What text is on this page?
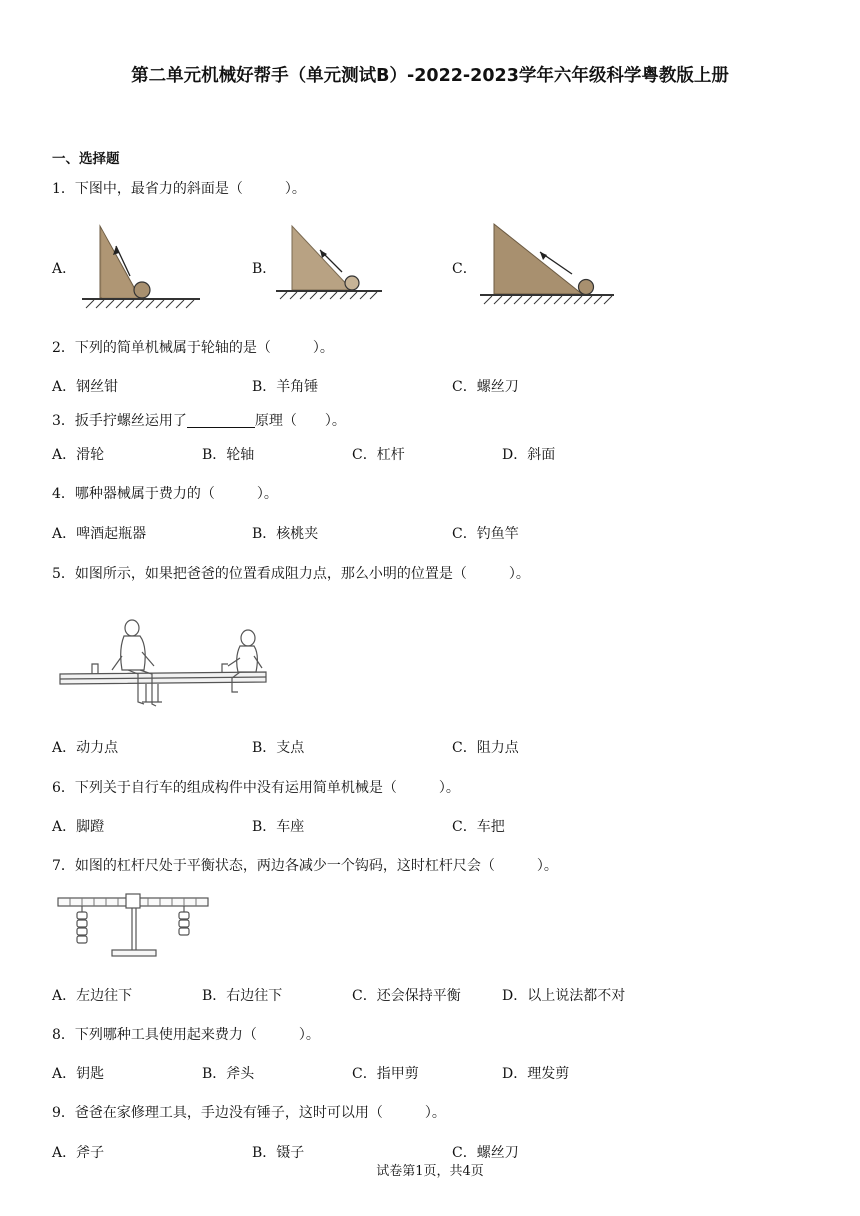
第二单元机械好帮手（单元测试B）-2022-2023学年六年级科学粤教版上册
一、选择题
1．下图中，最省力的斜面是（　　　）。
A．	B．	C．
2．下列的简单机械属于轮轴的是（　　　）。
A．钢丝钳	B．羊角锤	C．螺丝刀
3．扳手拧螺丝运用了	原理（　　）。
A．滑轮	B．轮轴	C．杠杆	D．斜面
4．哪种器械属于费力的（　　　）。
A．啤酒起瓶器	B．核桃夹	C．钓鱼竿
5．如图所示，如果把爸爸的位置看成阻力点，那么小明的位置是（　　　）。
A．动力点	B．支点	C．阻力点
6．下列关于自行车的组成构件中没有运用简单机械是（　　　）。
A．脚蹬	B．车座	C．车把
7．如图的杠杆尺处于平衡状态，两边各减少一个钩码，这时杠杆尺会（　　　）。
A．左边往下	B．右边往下	C．还会保持平衡	D．以上说法都不对
8．下列哪种工具使用起来费力（　　　）。
A．钥匙	B．斧头	C．指甲剪	D．理发剪
9．爸爸在家修理工具，手边没有锤子，这时可以用（　　　）。
A．斧子	B．镊子	C．螺丝刀
试卷第1页，共4页
